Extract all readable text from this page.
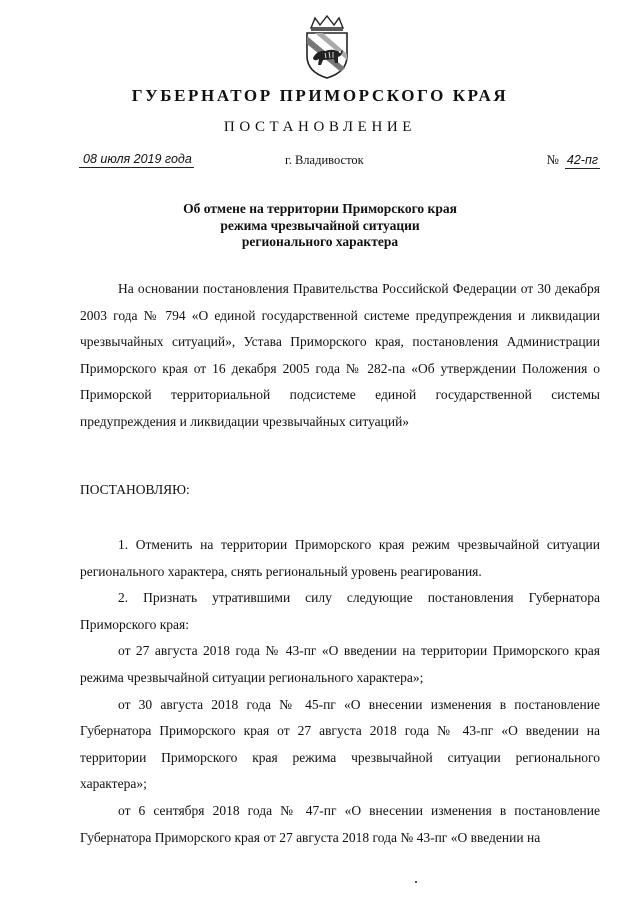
ГУБЕРНАТОР ПРИМОРСКОГО КРАЯ
ПОСТАНОВЛЕНИЕ
08 июля 2019 года	г. Владивосток	№ 42-пг
Об отмене на территории Приморского края
режима чрезвычайной ситуации
регионального характера

На основании постановления Правительства Российской Федерации от 30 декабря 2003 года № 794 «О единой государственной системе предупреждения и ликвидации чрезвычайных ситуаций», Устава Приморского края, постановления Администрации Приморского края от 16 декабря 2005 года № 282-па «Об утверждении Положения о Приморской территориальной подсистеме единой государственной системы предупреждения и ликвидации чрезвычайных ситуаций»

ПОСТАНОВЛЯЮ:

1. Отменить на территории Приморского края режим чрезвычайной ситуации регионального характера, снять региональный уровень реагирования.

2. Признать утратившими силу следующие постановления Губернатора Приморского края:

от 27 августа 2018 года № 43-пг «О введении на территории Приморского края режима чрезвычайной ситуации регионального характера»;

от 30 августа 2018 года № 45-пг «О внесении изменения в постановление Губернатора Приморского края от 27 августа 2018 года № 43-пг «О введении на территории Приморского края режима чрезвычайной ситуации регионального характера»;

от 6 сентября 2018 года № 47-пг «О внесении изменения в постановление Губернатора Приморского края от 27 августа 2018 года № 43-пг «О введении на
